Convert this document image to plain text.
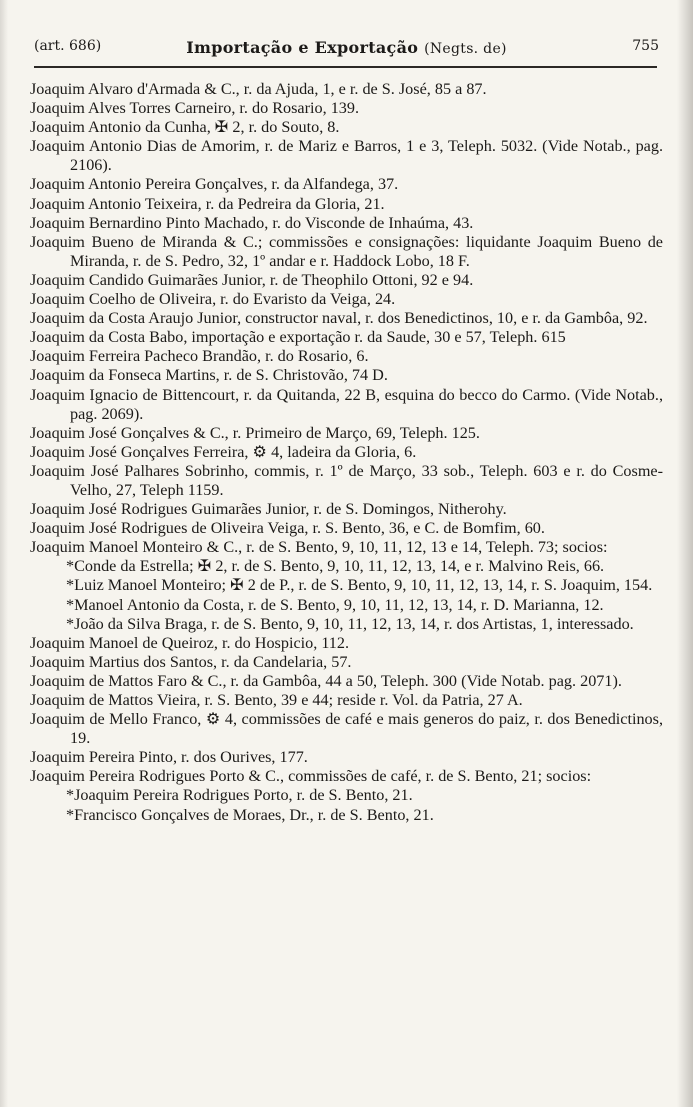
(art. 686)	Importação e Exportação (Negts. de)	755

Joaquim Alvaro d'Armada & C., r. da Ajuda, 1, e r. de S. José, 85 a 87.

Joaquim Alves Torres Carneiro, r. do Rosario, 139.

Joaquim Antonio da Cunha, ✠ 2, r. do Souto, 8.

Joaquim Antonio Dias de Amorim, r. de Mariz e Barros, 1 e 3, Teleph. 5032. (Vide Notab., pag. 2106).

Joaquim Antonio Pereira Gonçalves, r. da Alfandega, 37.

Joaquim Antonio Teixeira, r. da Pedreira da Gloria, 21.

Joaquim Bernardino Pinto Machado, r. do Visconde de Inhaúma, 43.

Joaquim Bueno de Miranda & C.; commissões e consignações: liquidante Joaquim Bueno de Miranda, r. de S. Pedro, 32, 1º andar e r. Haddock Lobo, 18 F.

Joaquim Candido Guimarães Junior, r. de Theophilo Ottoni, 92 e 94.

Joaquim Coelho de Oliveira, r. do Evaristo da Veiga, 24.

Joaquim da Costa Araujo Junior, constructor naval, r. dos Benedictinos, 10, e r. da Gambôa, 92.

Joaquim da Costa Babo, importação e exportação r. da Saude, 30 e 57, Teleph. 615

Joaquim Ferreira Pacheco Brandão, r. do Rosario, 6.

Joaquim da Fonseca Martins, r. de S. Christovão, 74 D.

Joaquim Ignacio de Bittencourt, r. da Quitanda, 22 B, esquina do becco do Carmo. (Vide Notab., pag. 2069).

Joaquim José Gonçalves & C., r. Primeiro de Março, 69, Teleph. 125.

Joaquim José Gonçalves Ferreira, ⚙ 4, ladeira da Gloria, 6.

Joaquim José Palhares Sobrinho, commis, r. 1º de Março, 33 sob., Teleph. 603 e r. do Cosme-Velho, 27, Teleph 1159.

Joaquim José Rodrigues Guimarães Junior, r. de S. Domingos, Nitherohy.

Joaquim José Rodrigues de Oliveira Veiga, r. S. Bento, 36, e C. de Bomfim, 60.

Joaquim Manoel Monteiro & C., r. de S. Bento, 9, 10, 11, 12, 13 e 14, Teleph. 73; socios:

*Conde da Estrella; ✠ 2, r. de S. Bento, 9, 10, 11, 12, 13, 14, e r. Malvino Reis, 66.

*Luiz Manoel Monteiro; ✠ 2 de P., r. de S. Bento, 9, 10, 11, 12, 13, 14, r. S. Joaquim, 154.

*Manoel Antonio da Costa, r. de S. Bento, 9, 10, 11, 12, 13, 14, r. D. Marianna, 12.

*João da Silva Braga, r. de S. Bento, 9, 10, 11, 12, 13, 14, r. dos Artistas, 1, interessado.

Joaquim Manoel de Queiroz, r. do Hospicio, 112.

Joaquim Martius dos Santos, r. da Candelaria, 57.

Joaquim de Mattos Faro & C., r. da Gambôa, 44 a 50, Teleph. 300 (Vide Notab. pag. 2071).

Joaquim de Mattos Vieira, r. S. Bento, 39 e 44; reside r. Vol. da Patria, 27 A.

Joaquim de Mello Franco, ⚙ 4, commissões de café e mais generos do paiz, r. dos Benedictinos, 19.

Joaquim Pereira Pinto, r. dos Ourives, 177.

Joaquim Pereira Rodrigues Porto & C., commissões de café, r. de S. Bento, 21; socios:

*Joaquim Pereira Rodrigues Porto, r. de S. Bento, 21.

*Francisco Gonçalves de Moraes, Dr., r. de S. Bento, 21.
